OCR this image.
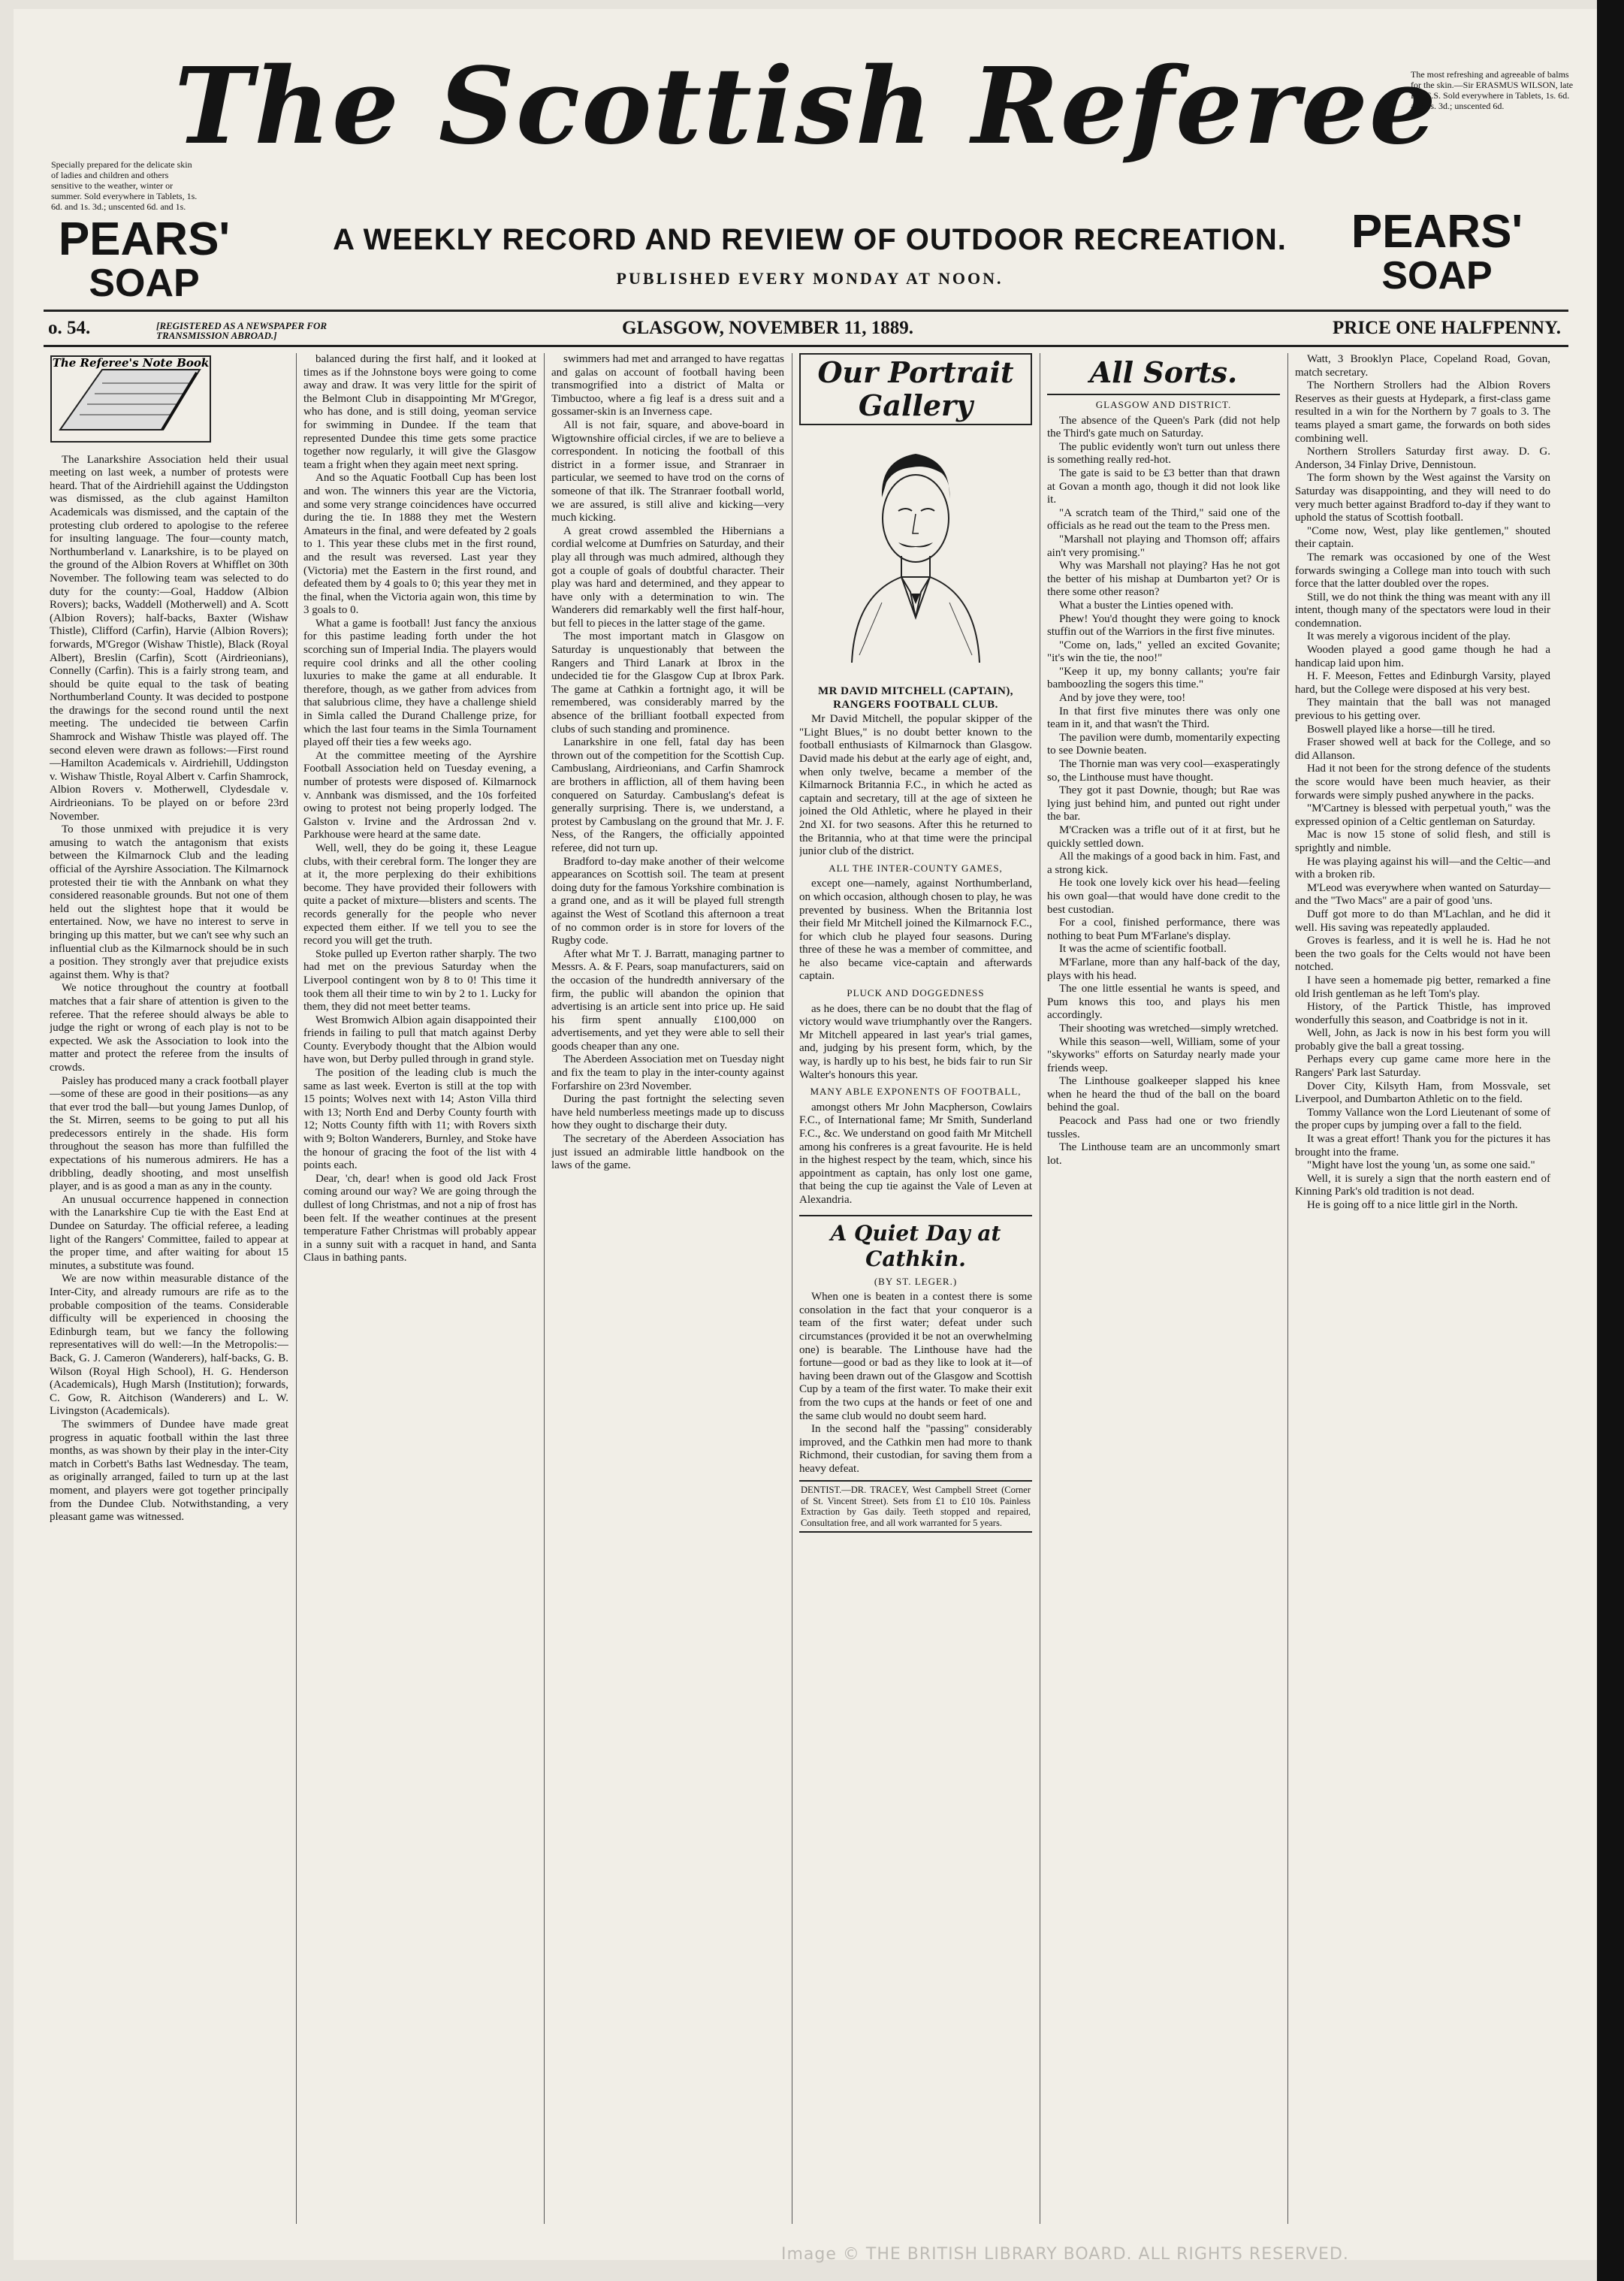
The Scottish Referee
Specially prepared for the delicate skin of ladies and children and others sensitive to the weather, winter or summer. Sold everywhere in Tablets, 1s. 6d. and 1s. 3d.; unscented 6d. and 1s.
PEARS'
SOAP
The most refreshing and agreeable of balms for the skin.—Sir ERASMUS WILSON, late P.R.C.S. Sold everywhere in Tablets, 1s. 6d. and 1s. 3d.; unscented 6d.
PEARS'
SOAP
A WEEKLY RECORD AND REVIEW OF OUTDOOR RECREATION.
PUBLISHED EVERY MONDAY AT NOON.
o. 54.	[REGISTERED AS A NEWSPAPER FOR TRANSMISSION ABROAD.]	GLASGOW, NOVEMBER 11, 1889.	PRICE ONE HALFPENNY.
The Referee's Note Book

The Lanarkshire Association held their usual meeting on last week, a number of protests were heard. That of the Airdriehill against the Uddingston was dismissed, as the club against Hamilton Academicals was dismissed, and the captain of the protesting club ordered to apologise to the referee for insulting language. The four—county match, Northumberland v. Lanarkshire, is to be played on the ground of the Albion Rovers at Whifflet on 30th November. The following team was selected to do duty for the county:—Goal, Haddow (Albion Rovers); backs, Waddell (Motherwell) and A. Scott (Albion Rovers); half-backs, Baxter (Wishaw Thistle), Clifford (Carfin), Harvie (Albion Rovers); forwards, M'Gregor (Wishaw Thistle), Black (Royal Albert), Breslin (Carfin), Scott (Airdrieonians), Connelly (Carfin). This is a fairly strong team, and should be quite equal to the task of beating Northumberland County. It was decided to postpone the drawings for the second round until the next meeting. The undecided tie between Carfin Shamrock and Wishaw Thistle was played off. The second eleven were drawn as follows:—First round—Hamilton Academicals v. Airdriehill, Uddingston v. Wishaw Thistle, Royal Albert v. Carfin Shamrock, Albion Rovers v. Motherwell, Clydesdale v. Airdrieonians. To be played on or before 23rd November.

To those unmixed with prejudice it is very amusing to watch the antagonism that exists between the Kilmarnock Club and the leading official of the Ayrshire Association. The Kilmarnock protested their tie with the Annbank on what they considered reasonable grounds. But not one of them held out the slightest hope that it would be entertained. Now, we have no interest to serve in bringing up this matter, but we can't see why such an influential club as the Kilmarnock should be in such a position. They strongly aver that prejudice exists against them. Why is that?

We notice throughout the country at football matches that a fair share of attention is given to the referee. That the referee should always be able to judge the right or wrong of each play is not to be expected. We ask the Association to look into the matter and protect the referee from the insults of crowds.

Paisley has produced many a crack football player—some of these are good in their positions—as any that ever trod the ball—but young James Dunlop, of the St. Mirren, seems to be going to put all his predecessors entirely in the shade. His form throughout the season has more than fulfilled the expectations of his numerous admirers. He has a dribbling, deadly shooting, and most unselfish player, and is as good a man as any in the county.

An unusual occurrence happened in connection with the Lanarkshire Cup tie with the East End at Dundee on Saturday. The official referee, a leading light of the Rangers' Committee, failed to appear at the proper time, and after waiting for about 15 minutes, a substitute was found.

We are now within measurable distance of the Inter-City, and already rumours are rife as to the probable composition of the teams. Considerable difficulty will be experienced in choosing the Edinburgh team, but we fancy the following representatives will do well:—In the Metropolis:—Back, G. J. Cameron (Wanderers), half-backs, G. B. Wilson (Royal High School), H. G. Henderson (Academicals), Hugh Marsh (Institution); forwards, C. Gow, R. Aitchison (Wanderers) and L. W. Livingston (Academicals).

The swimmers of Dundee have made great progress in aquatic football within the last three months, as was shown by their play in the inter-City match in Corbett's Baths last Wednesday. The team, as originally arranged, failed to turn up at the last moment, and players were got together principally from the Dundee Club. Notwithstanding, a very pleasant game was witnessed.

balanced during the first half, and it looked at times as if the Johnstone boys were going to come away and draw. It was very little for the spirit of the Belmont Club in disappointing Mr M'Gregor, who has done, and is still doing, yeoman service for swimming in Dundee. If the team that represented Dundee this time gets some practice together now regularly, it will give the Glasgow team a fright when they again meet next spring.

And so the Aquatic Football Cup has been lost and won. The winners this year are the Victoria, and some very strange coincidences have occurred during the tie. In 1888 they met the Western Amateurs in the final, and were defeated by 2 goals to 1. This year these clubs met in the first round, and the result was reversed. Last year they (Victoria) met the Eastern in the first round, and defeated them by 4 goals to 0; this year they met in the final, when the Victoria again won, this time by 3 goals to 0.

What a game is football! Just fancy the anxious for this pastime leading forth under the hot scorching sun of Imperial India. The players would require cool drinks and all the other cooling luxuries to make the game at all endurable. It therefore, though, as we gather from advices from that salubrious clime, they have a challenge shield in Simla called the Durand Challenge prize, for which the last four teams in the Simla Tournament played off their ties a few weeks ago.

At the committee meeting of the Ayrshire Football Association held on Tuesday evening, a number of protests were disposed of. Kilmarnock v. Annbank was dismissed, and the 10s forfeited owing to protest not being properly lodged. The Galston v. Irvine and the Ardrossan 2nd v. Parkhouse were heard at the same date.

Well, well, they do be going it, these League clubs, with their cerebral form. The longer they are at it, the more perplexing do their exhibitions become. They have provided their followers with quite a packet of mixture—blisters and scents. The records generally for the people who never expected them either. If we tell you to see the record you will get the truth.

Stoke pulled up Everton rather sharply. The two had met on the previous Saturday when the Liverpool contingent won by 8 to 0! This time it took them all their time to win by 2 to 1. Lucky for them, they did not meet better teams.

West Bromwich Albion again disappointed their friends in failing to pull that match against Derby County. Everybody thought that the Albion would have won, but Derby pulled through in grand style.

The position of the leading club is much the same as last week. Everton is still at the top with 15 points; Wolves next with 14; Aston Villa third with 13; North End and Derby County fourth with 12; Notts County fifth with 11; with Rovers sixth with 9; Bolton Wanderers, Burnley, and Stoke have the honour of gracing the foot of the list with 4 points each.

Dear, 'ch, dear! when is good old Jack Frost coming around our way? We are going through the dullest of long Christmas, and not a nip of frost has been felt. If the weather continues at the present temperature Father Christmas will probably appear in a sunny suit with a racquet in hand, and Santa Claus in bathing pants.

swimmers had met and arranged to have regattas and galas on account of football having been transmogrified into a district of Malta or Timbuctoo, where a fig leaf is a dress suit and a gossamer-skin is an Inverness cape.

All is not fair, square, and above-board in Wigtownshire official circles, if we are to believe a correspondent. In noticing the football of this district in a former issue, and Stranraer in particular, we seemed to have trod on the corns of someone of that ilk. The Stranraer football world, we are assured, is still alive and kicking—very much kicking.

A great crowd assembled the Hibernians a cordial welcome at Dumfries on Saturday, and their play all through was much admired, although they got a couple of goals of doubtful character. Their play was hard and determined, and they appear to have only with a determination to win. The Wanderers did remarkably well the first half-hour, but fell to pieces in the latter stage of the game.

The most important match in Glasgow on Saturday is unquestionably that between the Rangers and Third Lanark at Ibrox in the undecided tie for the Glasgow Cup at Ibrox Park. The game at Cathkin a fortnight ago, it will be remembered, was considerably marred by the absence of the brilliant football expected from clubs of such standing and prominence.

Lanarkshire in one fell, fatal day has been thrown out of the competition for the Scottish Cup. Cambuslang, Airdrieonians, and Carfin Shamrock are brothers in affliction, all of them having been conquered on Saturday. Cambuslang's defeat is generally surprising. There is, we understand, a protest by Cambuslang on the ground that Mr. J. F. Ness, of the Rangers, the officially appointed referee, did not turn up.

Bradford to-day make another of their welcome appearances on Scottish soil. The team at present doing duty for the famous Yorkshire combination is a grand one, and as it will be played full strength against the West of Scotland this afternoon a treat of no common order is in store for lovers of the Rugby code.

After what Mr T. J. Barratt, managing partner to Messrs. A. & F. Pears, soap manufacturers, said on the occasion of the hundredth anniversary of the firm, the public will abandon the opinion that advertising is an article sent into price up. He said his firm spent annually £100,000 on advertisements, and yet they were able to sell their goods cheaper than any one.

The Aberdeen Association met on Tuesday night and fix the team to play in the inter-county against Forfarshire on 23rd November.

During the past fortnight the selecting seven have held numberless meetings made up to discuss how they ought to discharge their duty.

The secretary of the Aberdeen Association has just issued an admirable little handbook on the laws of the game.

Our Portrait Gallery
MR DAVID MITCHELL (CAPTAIN), RANGERS FOOTBALL CLUB.

Mr David Mitchell, the popular skipper of the "Light Blues," is no doubt better known to the football enthusiasts of Kilmarnock than Glasgow. David made his debut at the early age of eight, and, when only twelve, became a member of the Kilmarnock Britannia F.C., in which he acted as captain and secretary, till at the age of sixteen he joined the Old Athletic, where he played in their 2nd XI. for two seasons. After this he returned to the Britannia, who at that time were the principal junior club of the district.

ALL THE INTER-COUNTY GAMES,

except one—namely, against Northumberland, on which occasion, although chosen to play, he was prevented by business. When the Britannia lost their field Mr Mitchell joined the Kilmarnock F.C., for which club he played four seasons. During three of these he was a member of committee, and he also became vice-captain and afterwards captain.

PLUCK AND DOGGEDNESS

as he does, there can be no doubt that the flag of victory would wave triumphantly over the Rangers. Mr Mitchell appeared in last year's trial games, and, judging by his present form, which, by the way, is hardly up to his best, he bids fair to run Sir Walter's honours this year.

MANY ABLE EXPONENTS OF FOOTBALL,

amongst others Mr John Macpherson, Cowlairs F.C., of International fame; Mr Smith, Sunderland F.C., &c. We understand on good faith Mr Mitchell among his confreres is a great favourite. He is held in the highest respect by the team, which, since his appointment as captain, has only lost one game, that being the cup tie against the Vale of Leven at Alexandria.

A Quiet Day at Cathkin.
(BY ST. LEGER.)

When one is beaten in a contest there is some consolation in the fact that your conqueror is a team of the first water; defeat under such circumstances (provided it be not an overwhelming one) is bearable. The Linthouse have had the fortune—good or bad as they like to look at it—of having been drawn out of the Glasgow and Scottish Cup by a team of the first water. To make their exit from the two cups at the hands or feet of one and the same club would no doubt seem hard.

In the second half the "passing" considerably improved, and the Cathkin men had more to thank Richmond, their custodian, for saving them from a heavy defeat.

DENTIST.—DR. TRACEY, West Campbell Street (Corner of St. Vincent Street). Sets from £1 to £10 10s. Painless Extraction by Gas daily. Teeth stopped and repaired, Consultation free, and all work warranted for 5 years.
All Sorts.
GLASGOW AND DISTRICT.

The absence of the Queen's Park (did not help the Third's gate much on Saturday.

The public evidently won't turn out unless there is something really red-hot.

The gate is said to be £3 better than that drawn at Govan a month ago, though it did not look like it.

"A scratch team of the Third," said one of the officials as he read out the team to the Press men.

"Marshall not playing and Thomson off; affairs ain't very promising."

Why was Marshall not playing? Has he not got the better of his mishap at Dumbarton yet? Or is there some other reason?

What a buster the Linties opened with.

Phew! You'd thought they were going to knock stuffin out of the Warriors in the first five minutes.

"Come on, lads," yelled an excited Govanite; "it's win the tie, the noo!"

"Keep it up, my bonny callants; you're fair bamboozling the sogers this time."

And by jove they were, too!

In that first five minutes there was only one team in it, and that wasn't the Third.

The pavilion were dumb, momentarily expecting to see Downie beaten.

The Thornie man was very cool—exasperatingly so, the Linthouse must have thought.

They got it past Downie, though; but Rae was lying just behind him, and punted out right under the bar.

M'Cracken was a trifle out of it at first, but he quickly settled down.

All the makings of a good back in him. Fast, and a strong kick.

He took one lovely kick over his head—feeling his own goal—that would have done credit to the best custodian.

For a cool, finished performance, there was nothing to beat Pum M'Farlane's display.

It was the acme of scientific football.

M'Farlane, more than any half-back of the day, plays with his head.

The one little essential he wants is speed, and Pum knows this too, and plays his men accordingly.

Their shooting was wretched—simply wretched.

While this season—well, William, some of your "skyworks" efforts on Saturday nearly made your friends weep.

The Linthouse goalkeeper slapped his knee when he heard the thud of the ball on the board behind the goal.

Peacock and Pass had one or two friendly tussles.

The Linthouse team are an uncommonly smart lot.

Watt, 3 Brooklyn Place, Copeland Road, Govan, match secretary.

The Northern Strollers had the Albion Rovers Reserves as their guests at Hydepark, a first-class game resulted in a win for the Northern by 7 goals to 3. The teams played a smart game, the forwards on both sides combining well.

Northern Strollers Saturday first away. D. G. Anderson, 34 Finlay Drive, Dennistoun.

The form shown by the West against the Varsity on Saturday was disappointing, and they will need to do very much better against Bradford to-day if they want to uphold the status of Scottish football.

"Come now, West, play like gentlemen," shouted their captain.

The remark was occasioned by one of the West forwards swinging a College man into touch with such force that the latter doubled over the ropes.

Still, we do not think the thing was meant with any ill intent, though many of the spectators were loud in their condemnation.

It was merely a vigorous incident of the play.

Wooden played a good game though he had a handicap laid upon him.

H. F. Meeson, Fettes and Edinburgh Varsity, played hard, but the College were disposed at his very best.

They maintain that the ball was not managed previous to his getting over.

Boswell played like a horse—till he tired.

Fraser showed well at back for the College, and so did Allanson.

Had it not been for the strong defence of the students the score would have been much heavier, as their forwards were simply pushed anywhere in the packs.

"M'Cartney is blessed with perpetual youth," was the expressed opinion of a Celtic gentleman on Saturday.

Mac is now 15 stone of solid flesh, and still is sprightly and nimble.

He was playing against his will—and the Celtic—and with a broken rib.

M'Leod was everywhere when wanted on Saturday—and the "Two Macs" are a pair of good 'uns.

Duff got more to do than M'Lachlan, and he did it well. His saving was repeatedly applauded.

Groves is fearless, and it is well he is. Had he not been the two goals for the Celts would not have been notched.

I have seen a homemade pig better, remarked a fine old Irish gentleman as he left Tom's play.

History, of the Partick Thistle, has improved wonderfully this season, and Coatbridge is not in it.

Well, John, as Jack is now in his best form you will probably give the ball a great tossing.

Perhaps every cup game came more here in the Rangers' Park last Saturday.

Dover City, Kilsyth Ham, from Mossvale, set Liverpool, and Dumbarton Athletic on to the field.

Tommy Vallance won the Lord Lieutenant of some of the proper cups by jumping over a fall to the field.

It was a great effort! Thank you for the pictures it has brought into the frame.

"Might have lost the young 'un, as some one said."

Well, it is surely a sign that the north eastern end of Kinning Park's old tradition is not dead.

He is going off to a nice little girl in the North.

Image © THE BRITISH LIBRARY BOARD. ALL RIGHTS RESERVED.
